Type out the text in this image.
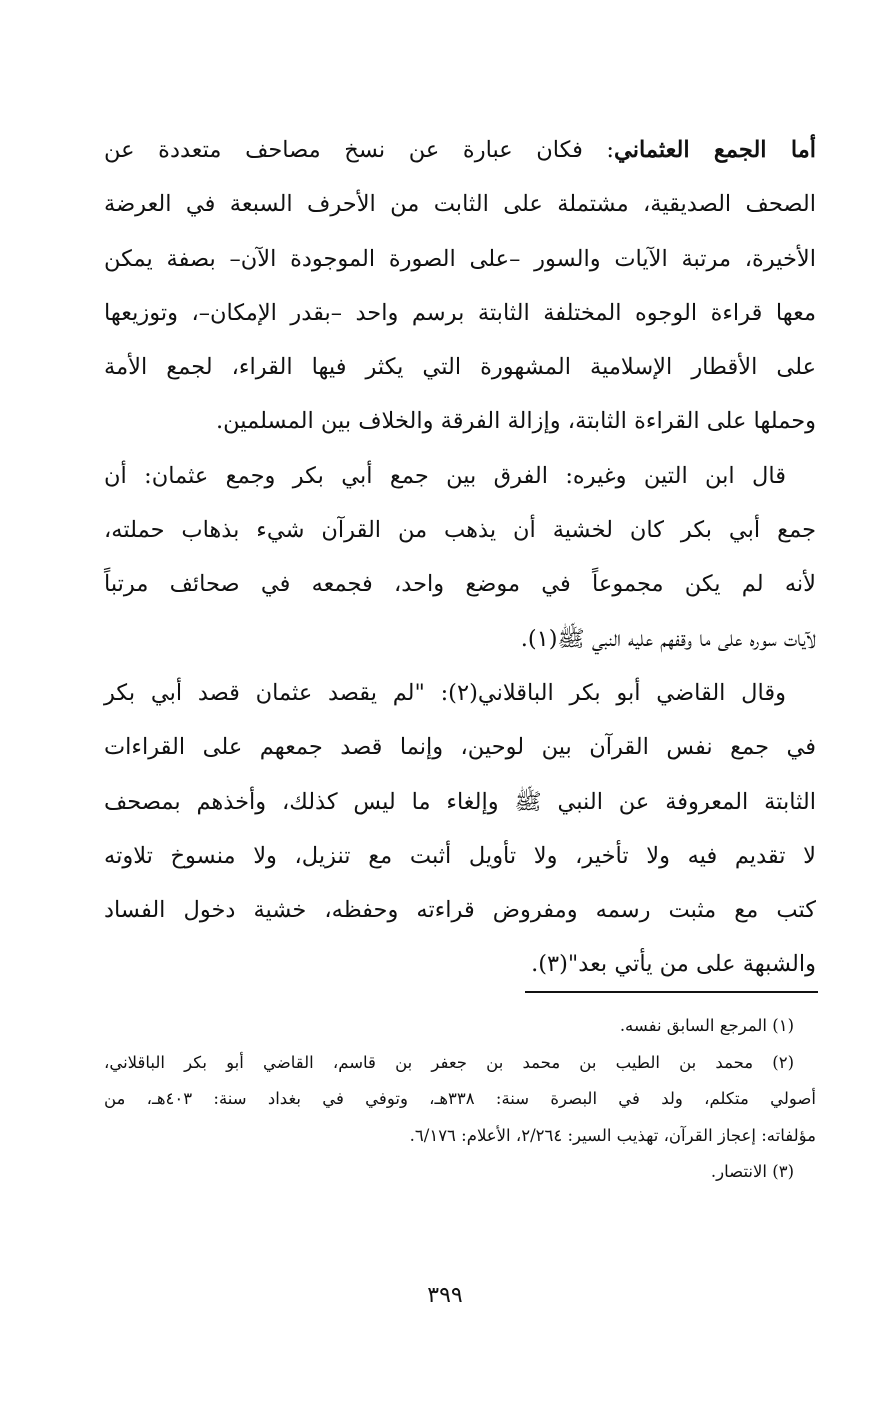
أما الجمع العثماني: فكان عبارة عن نسخ مصاحف متعددة عن
الصحف الصديقية، مشتملة على الثابت من الأحرف السبعة في العرضة
الأخيرة، مرتبة الآيات والسور –على الصورة الموجودة الآن– بصفة يمكن
معها قراءة الوجوه المختلفة الثابتة برسم واحد –بقدر الإمكان–، وتوزيعها
على الأقطار الإسلامية المشهورة التي يكثر فيها القراء، لجمع الأمة
وحملها على القراءة الثابتة، وإزالة الفرقة والخلاف بين المسلمين.
قال ابن التين وغيره: الفرق بين جمع أبي بكر وجمع عثمان: أن
جمع أبي بكر كان لخشية أن يذهب من القرآن شيء بذهاب حملته،
لأنه لم يكن مجموعاً في موضع واحد، فجمعه في صحائف مرتباً
لآيات سوره على ما وقفهم عليه النبي ﷺ(١).
وقال القاضي أبو بكر الباقلاني(٢): "لم يقصد عثمان قصد أبي بكر
في جمع نفس القرآن بين لوحين، وإنما قصد جمعهم على القراءات
الثابتة المعروفة عن النبي ﷺ وإلغاء ما ليس كذلك، وأخذهم بمصحف
لا تقديم فيه ولا تأخير، ولا تأويل أثبت مع تنزيل، ولا منسوخ تلاوته
كتب مع مثبت رسمه ومفروض قراءته وحفظه، خشية دخول الفساد
والشبهة على من يأتي بعد"(٣).
(١) المرجع السابق نفسه.
(٢) محمد بن الطيب بن محمد بن جعفر بن قاسم، القاضي أبو بكر الباقلاني،
أصولي متكلم، ولد في البصرة سنة: ٣٣٨هـ، وتوفي في بغداد سنة: ٤٠٣هـ، من
مؤلفاته: إعجاز القرآن، تهذيب السير: ٢/٢٦٤، الأعلام: ٦/١٧٦.
(٣) الانتصار.
٣٩٩
